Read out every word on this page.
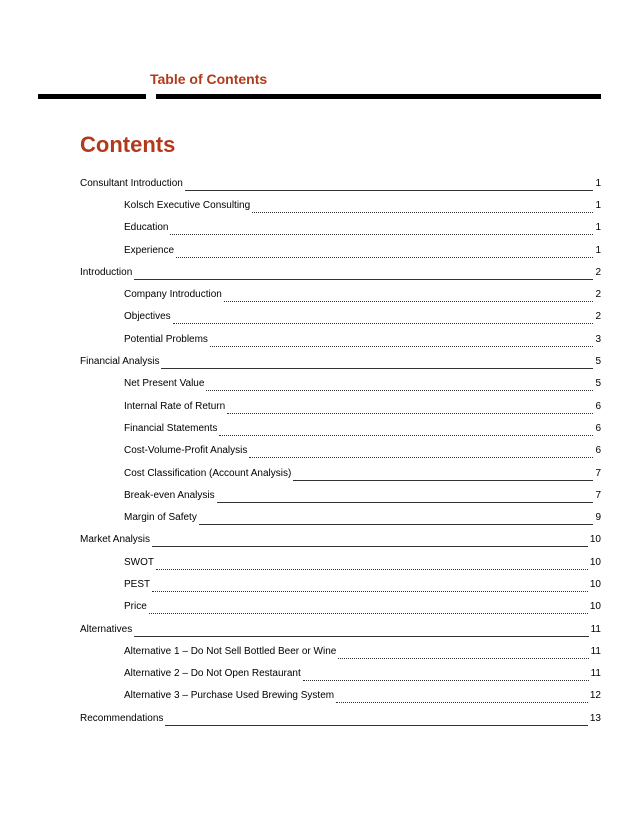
Table of Contents
Contents
Consultant Introduction	1
Kolsch Executive Consulting	1
Education	1
Experience	1
Introduction	2
Company Introduction	2
Objectives	2
Potential Problems	3
Financial Analysis	5
Net Present Value	5
Internal Rate of Return	6
Financial Statements	6
Cost-Volume-Profit Analysis	6
Cost Classification (Account Analysis)	7
Break-even Analysis	7
Margin of Safety	9
Market Analysis	10
SWOT	10
PEST	10
Price	10
Alternatives	11
Alternative 1 – Do Not Sell Bottled Beer or Wine	11
Alternative 2 – Do Not Open Restaurant	11
Alternative 3 – Purchase Used Brewing System	12
Recommendations	13
